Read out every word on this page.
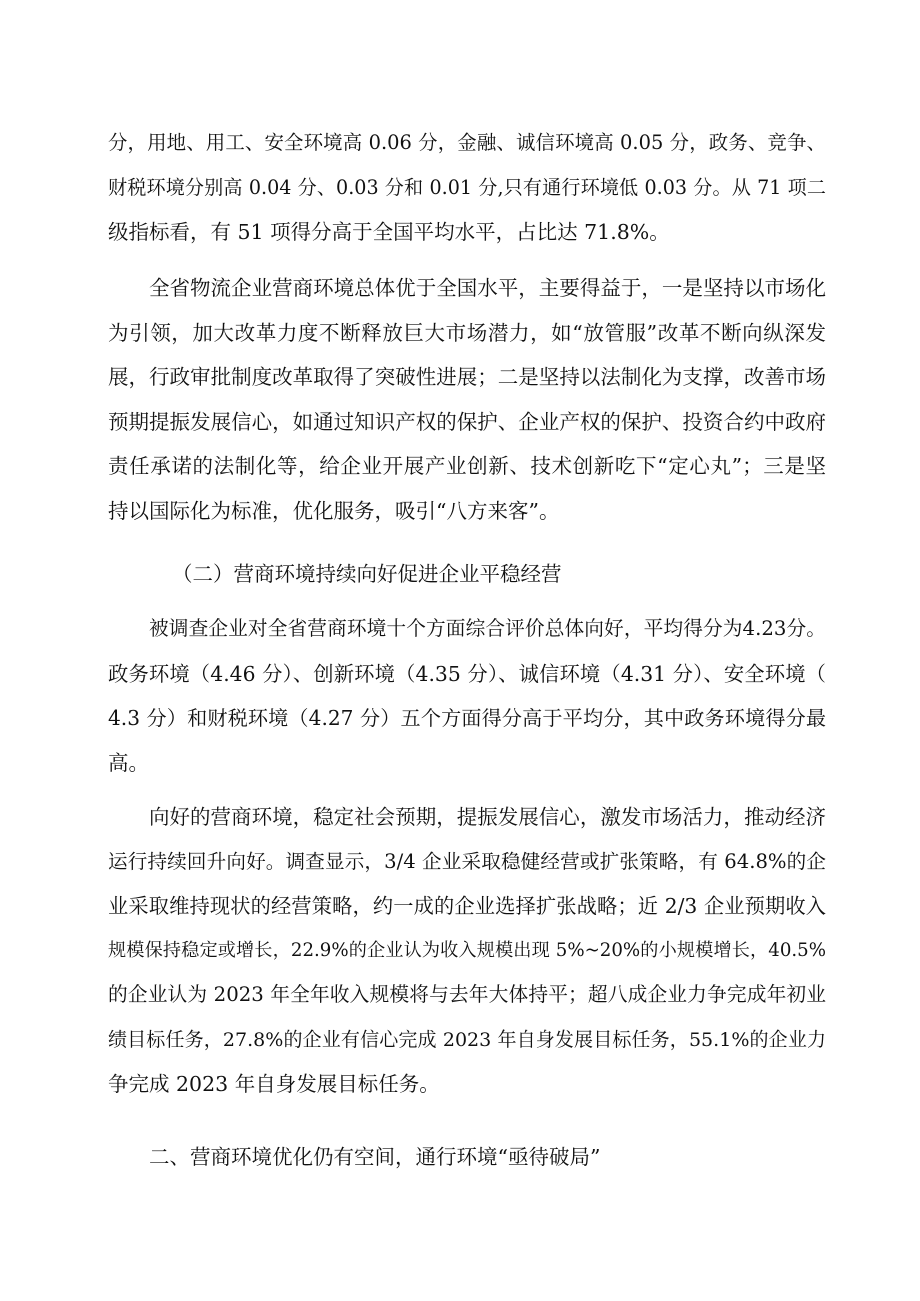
分，用地、用工、安全环境高 0.06 分，金融、诚信环境高 0.05 分，政务、竞争、
财税环境分别高 0.04 分、0.03 分和 0.01 分,只有通行环境低 0.03 分。从 71 项二
级指标看，有 51 项得分高于全国平均水平，占比达 71.8%。
全省物流企业营商环境总体优于全国水平，主要得益于，一是坚持以市场化
为引领，加大改革力度不断释放巨大市场潜力，如“放管服”改革不断向纵深发
展，行政审批制度改革取得了突破性进展；二是坚持以法制化为支撑，改善市场
预期提振发展信心，如通过知识产权的保护、企业产权的保护、投资合约中政府
责任承诺的法制化等，给企业开展产业创新、技术创新吃下“定心丸”；三是坚
持以国际化为标准，优化服务，吸引“八方来客”。
（二）营商环境持续向好促进企业平稳经营
被调查企业对全省营商环境十个方面综合评价总体向好，平均得分为4.23分。
政务环境（4.46 分）、创新环境（4.35 分）、诚信环境（4.31 分）、安全环境（
4.3 分）和财税环境（4.27 分）五个方面得分高于平均分，其中政务环境得分最
高。
向好的营商环境，稳定社会预期，提振发展信心，激发市场活力，推动经济
运行持续回升向好。调查显示，3/4 企业采取稳健经营或扩张策略，有 64.8%的企
业采取维持现状的经营策略，约一成的企业选择扩张战略；近 2/3 企业预期收入
规模保持稳定或增长，22.9%的企业认为收入规模出现 5%~20%的小规模增长，40.5%
的企业认为 2023 年全年收入规模将与去年大体持平；超八成企业力争完成年初业
绩目标任务，27.8%的企业有信心完成 2023 年自身发展目标任务，55.1%的企业力
争完成 2023 年自身发展目标任务。
二、营商环境优化仍有空间，通行环境“亟待破局”
